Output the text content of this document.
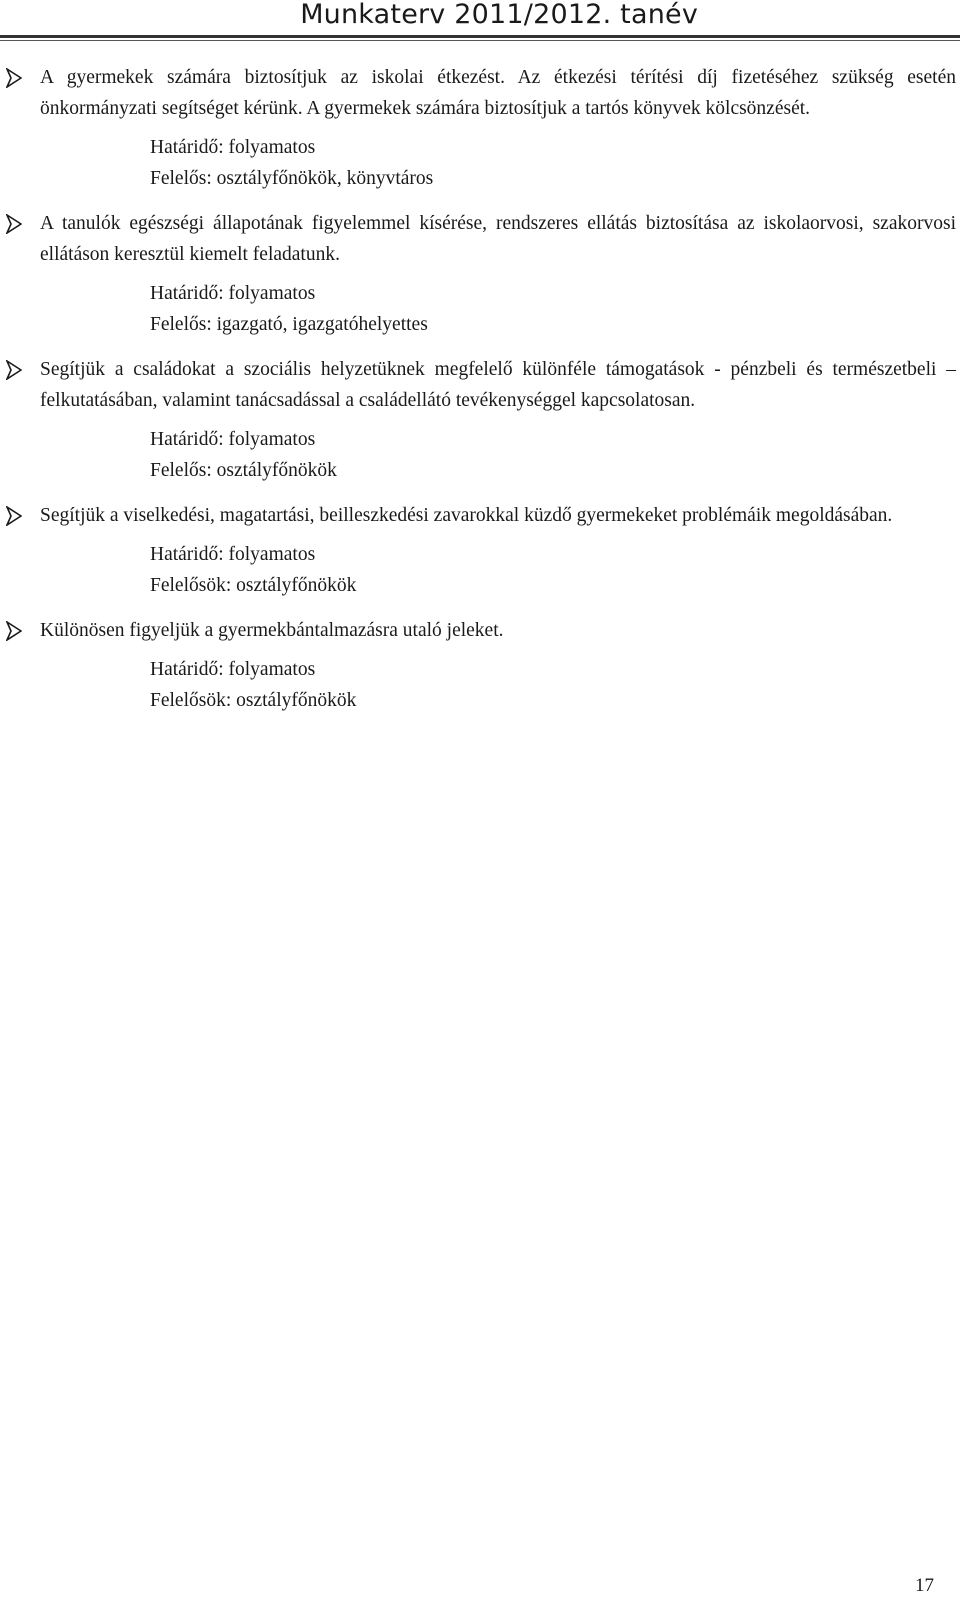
Munkaterv 2011/2012. tanév

A gyermekek számára biztosítjuk az iskolai étkezést. Az étkezési térítési díj fizetéséhez szükség esetén önkormányzati segítséget kérünk. A gyermekek számára biztosítjuk a tartós könyvek kölcsönzését.

Határidő: folyamatos
Felelős: osztályfőnökök, könyvtáros

A tanulók egészségi állapotának figyelemmel kísérése, rendszeres ellátás biztosítása az iskolaorvosi, szakorvosi ellátáson keresztül kiemelt feladatunk.

Határidő: folyamatos
Felelős: igazgató, igazgatóhelyettes

Segítjük a családokat a szociális helyzetüknek megfelelő különféle támogatások - pénzbeli és természetbeli – felkutatásában, valamint tanácsadással a családellátó tevékenységgel kapcsolatosan.

Határidő: folyamatos
Felelős: osztályfőnökök

Segítjük a viselkedési, magatartási, beilleszkedési zavarokkal küzdő gyermekeket problémáik megoldásában.

Határidő: folyamatos
Felelősök: osztályfőnökök

Különösen figyeljük a gyermekbántalmazásra utaló jeleket.

Határidő: folyamatos
Felelősök: osztályfőnökök
17
